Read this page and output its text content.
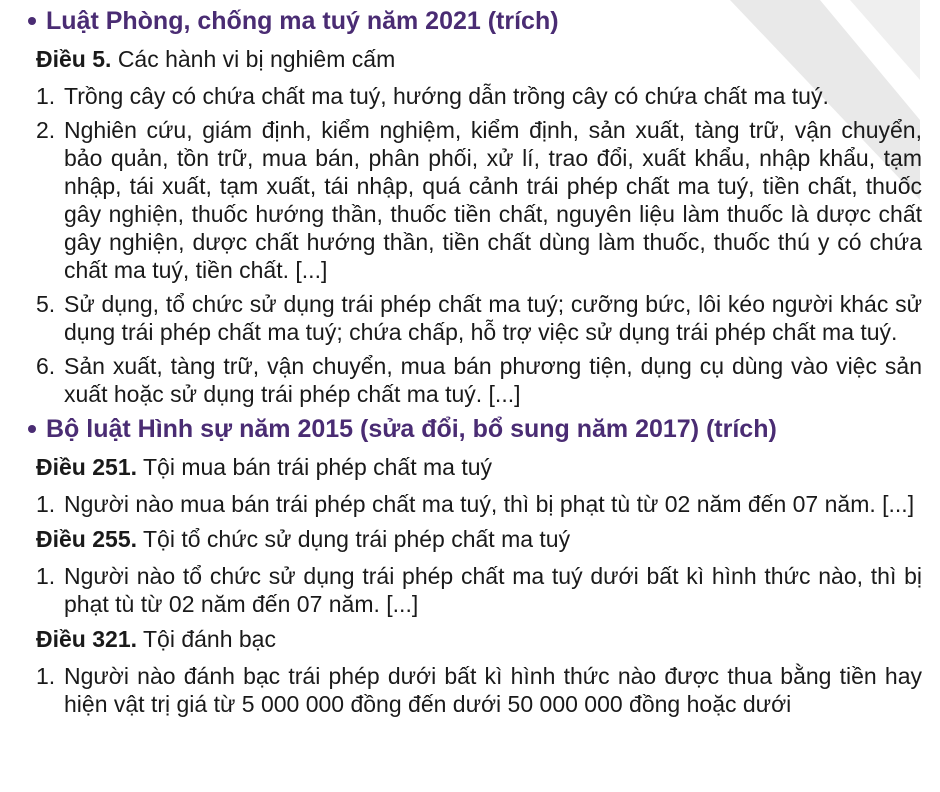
Luật Phòng, chống ma tuý năm 2021 (trích)
Điều 5. Các hành vi bị nghiêm cấm
1. Trồng cây có chứa chất ma tuý, hướng dẫn trồng cây có chứa chất ma tuý.
2. Nghiên cứu, giám định, kiểm nghiệm, kiểm định, sản xuất, tàng trữ, vận chuyển, bảo quản, tồn trữ, mua bán, phân phối, xử lí, trao đổi, xuất khẩu, nhập khẩu, tạm nhập, tái xuất, tạm xuất, tái nhập, quá cảnh trái phép chất ma tuý, tiền chất, thuốc gây nghiện, thuốc hướng thần, thuốc tiền chất, nguyên liệu làm thuốc là dược chất gây nghiện, dược chất hướng thần, tiền chất dùng làm thuốc, thuốc thú y có chứa chất ma tuý, tiền chất. [...]
5. Sử dụng, tổ chức sử dụng trái phép chất ma tuý; cưỡng bức, lôi kéo người khác sử dụng trái phép chất ma tuý; chứa chấp, hỗ trợ việc sử dụng trái phép chất ma tuý.
6. Sản xuất, tàng trữ, vận chuyển, mua bán phương tiện, dụng cụ dùng vào việc sản xuất hoặc sử dụng trái phép chất ma tuý. [...]
Bộ luật Hình sự năm 2015 (sửa đổi, bổ sung năm 2017) (trích)
Điều 251. Tội mua bán trái phép chất ma tuý
1. Người nào mua bán trái phép chất ma tuý, thì bị phạt tù từ 02 năm đến 07 năm. [...]
Điều 255. Tội tổ chức sử dụng trái phép chất ma tuý
1. Người nào tổ chức sử dụng trái phép chất ma tuý dưới bất kì hình thức nào, thì bị phạt tù từ 02 năm đến 07 năm. [...]
Điều 321. Tội đánh bạc
1. Người nào đánh bạc trái phép dưới bất kì hình thức nào được thua bằng tiền hay hiện vật trị giá từ 5 000 000 đồng đến dưới 50 000 000 đồng hoặc dưới
